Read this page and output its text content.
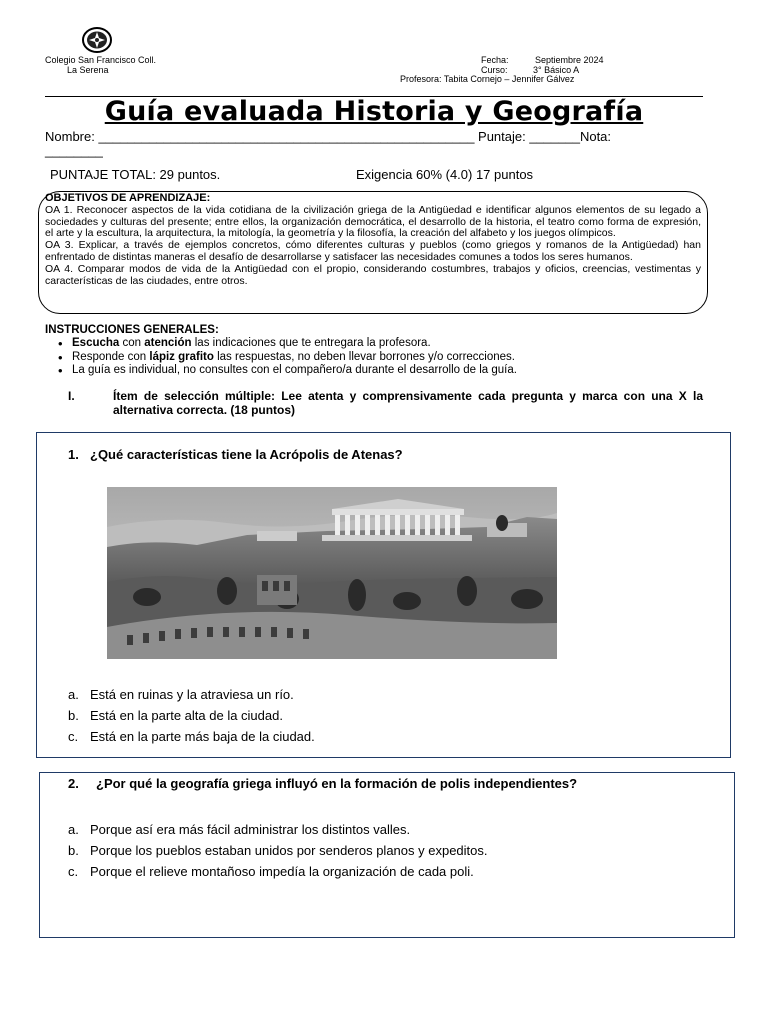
Colegio San Francisco Coll.
La Serena
Fecha:	Septiembre 2024
Curso:	3° Básico A
Profesora: Tabita Cornejo – Jennifer Gálvez
Guía evaluada Historia y Geografía
Nombre: ____________________________________________________ Puntaje: _______Nota:
________
PUNTAJE TOTAL: 29 puntos.	Exigencia 60% (4.0) 17 puntos
OBJETIVOS DE APRENDIZAJE:
OA 1. Reconocer aspectos de la vida cotidiana de la civilización griega de la Antigüedad e identificar algunos elementos de su legado a sociedades y culturas del presente; entre ellos, la organización democrática, el desarrollo de la historia, el teatro como forma de expresión, el arte y la escultura, la arquitectura, la mitología, la geometría y la filosofía, la creación del alfabeto y los juegos olímpicos.
OA 3. Explicar, a través de ejemplos concretos, cómo diferentes culturas y pueblos (como griegos y romanos de la Antigüedad) han enfrentado de distintas maneras el desafío de desarrollarse y satisfacer las necesidades comunes a todos los seres humanos.
OA 4. Comparar modos de vida de la Antigüedad con el propio, considerando costumbres, trabajos y oficios, creencias, vestimentas y características de las ciudades, entre otros.
INSTRUCCIONES GENERALES:
• Escucha con atención las indicaciones que te entregara la profesora.
• Responde con lápiz grafito las respuestas, no deben llevar borrones y/o correcciones.
• La guía es individual, no consultes con el compañero/a durante el desarrollo de la guía.
I.	Ítem de selección múltiple: Lee atenta y comprensivamente cada pregunta y marca con una X la alternativa correcta. (18 puntos)
1. ¿Qué características tiene la Acrópolis de Atenas?
a. Está en ruinas y la atraviesa un río.
b. Está en la parte alta de la ciudad.
c. Está en la parte más baja de la ciudad.
2. ¿Por qué la geografía griega influyó en la formación de polis independientes?
a. Porque así era más fácil administrar los distintos valles.
b. Porque los pueblos estaban unidos por senderos planos y expeditos.
c. Porque el relieve montañoso impedía la organización de cada poli.
